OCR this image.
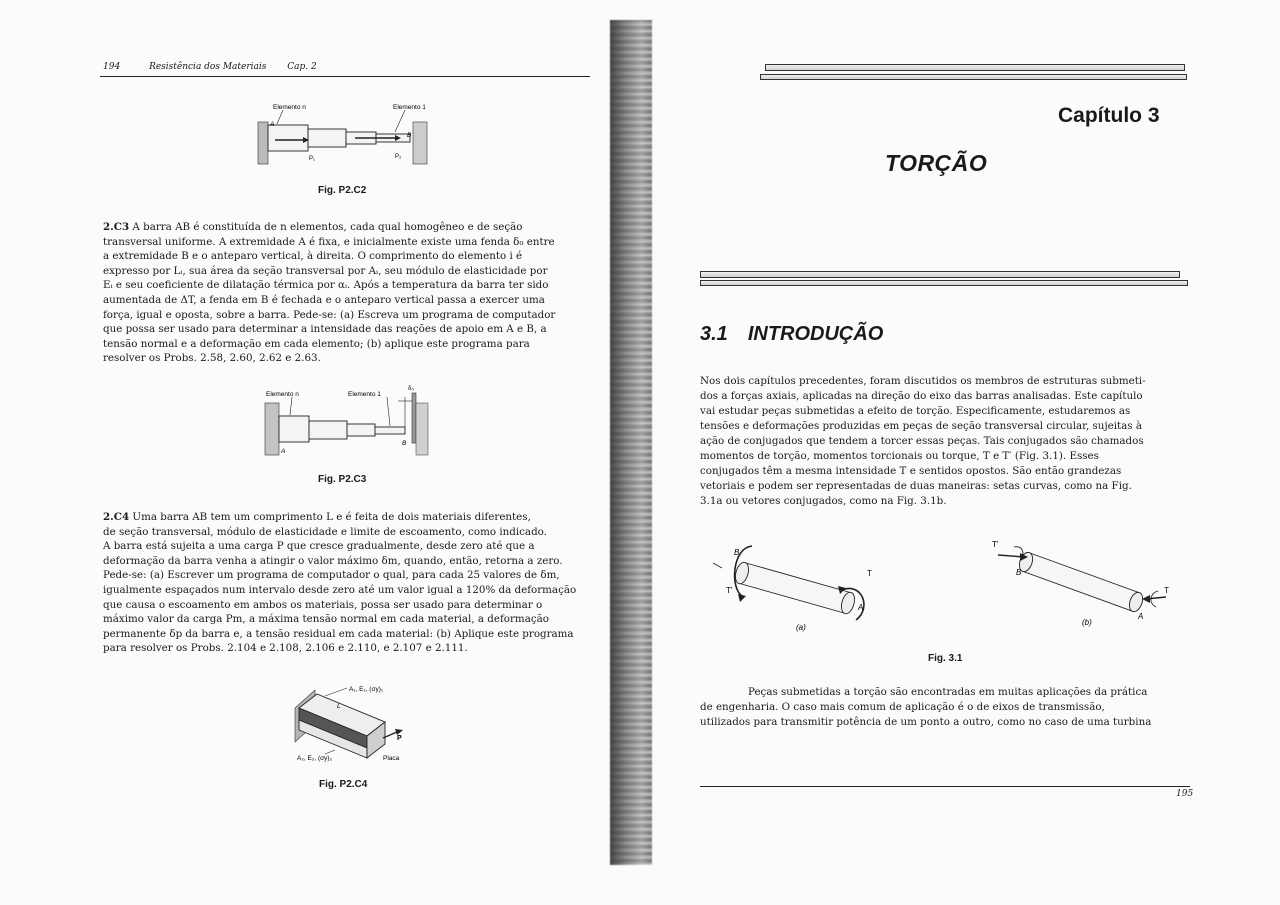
194	Resistência dos Materiais Cap. 2
Elemento n	Elemento 1
A
B
P₁	P₂
Fig. P2.C2
2.C3 A barra AB é constituída de n elementos, cada qual homogêneo e de seção
transversal uniforme. A extremidade A é fixa, e inicialmente existe uma fenda δ₀ entre
a extremidade B e o anteparo vertical, à direita. O comprimento do elemento i é
expresso por Lᵢ, sua área da seção transversal por Aᵢ, seu módulo de elasticidade por
Eᵢ e seu coeficiente de dilatação térmica por αᵢ. Após a temperatura da barra ter sido
aumentada de ΔT, a fenda em B é fechada e o anteparo vertical passa a exercer uma
força, igual e oposta, sobre a barra. Pede-se: (a) Escreva um programa de computador
que possa ser usado para determinar a intensidade das reações de apoio em A e B, a
tensão normal e a deformação em cada elemento; (b) aplique este programa para
resolver os Probs. 2.58, 2.60, 2.62 e 2.63.
Elemento n	Elemento 1
δ₀
A
B
Fig. P2.C3
2.C4 Uma barra AB tem um comprimento L e é feita de dois materiais diferentes,
de seção transversal, módulo de elasticidade e limite de escoamento, como indicado.
A barra está sujeita a uma carga P que cresce gradualmente, desde zero até que a
deformação da barra venha a atingir o valor máximo δm, quando, então, retorna a zero.
Pede-se: (a) Escrever um programa de computador o qual, para cada 25 valores de δm,
igualmente espaçados num intervalo desde zero até um valor igual a 120% da deformação
que causa o escoamento em ambos os materiais, possa ser usado para determinar o
máximo valor da carga Pm, a máxima tensão normal em cada material, a deformação
permanente δp da barra e, a tensão residual em cada material: (b) Aplique este programa
para resolver os Probs. 2.104 e 2.108, 2.106 e 2.110, e 2.107 e 2.111.
A₁, E₁, (σy)₁
L
P
A₂, E₂, (σy)₂	Placa
Fig. P2.C4
Capítulo 3
TORÇÃO
3.1 INTRODUÇÃO
Nos dois capítulos precedentes, foram discutidos os membros de estruturas submeti-
dos a forças axiais, aplicadas na direção do eixo das barras analisadas. Este capítulo
vai estudar peças submetidas a efeito de torção. Especificamente, estudaremos as
tensões e deformações produzidas em peças de seção transversal circular, sujeitas à
ação de conjugados que tendem a torcer essas peças. Tais conjugados são chamados
momentos de torção, momentos torcionais ou torque, T e T′ (Fig. 3.1). Esses
conjugados têm a mesma intensidade T e sentidos opostos. São então grandezas
vetoriais e podem ser representadas de duas maneiras: setas curvas, como na Fig.
3.1a ou vetores conjugados, como na Fig. 3.1b.
B
T′
T
A
(a)
T′
B
T
A
(b)
Fig. 3.1
Peças submetidas a torção são encontradas em muitas aplicações da prática
de engenharia. O caso mais comum de aplicação é o de eixos de transmissão,
utilizados para transmitir potência de um ponto a outro, como no caso de uma turbina
195
